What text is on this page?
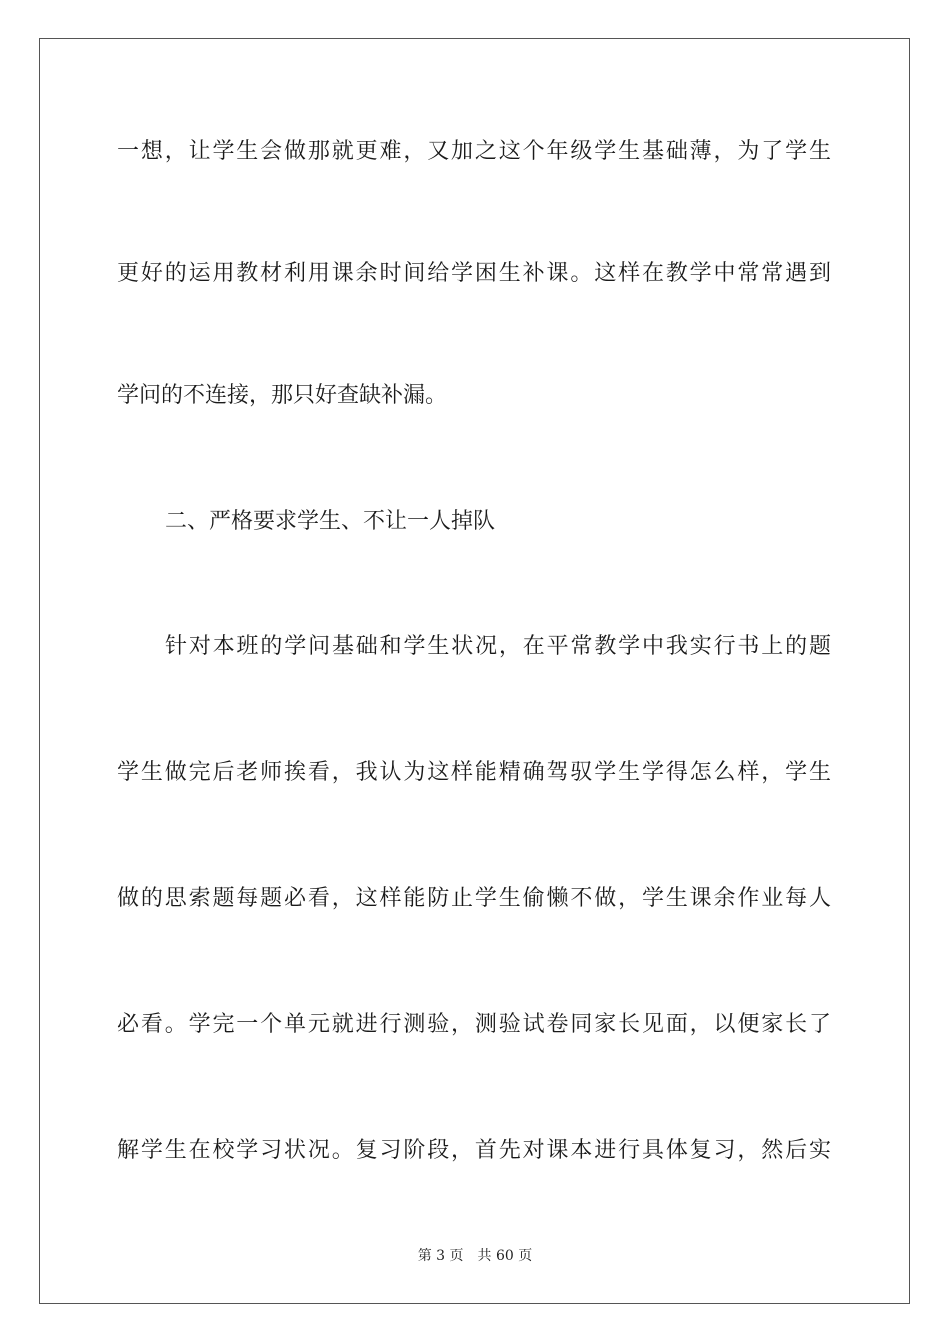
一想，让学生会做那就更难，又加之这个年级学生基础薄，为了学生
更好的运用教材利用课余时间给学困生补课。这样在教学中常常遇到
学问的不连接，那只好查缺补漏。
二、严格要求学生、不让一人掉队
针对本班的学问基础和学生状况，在平常教学中我实行书上的题
学生做完后老师挨看，我认为这样能精确驾驭学生学得怎么样，学生
做的思索题每题必看，这样能防止学生偷懒不做，学生课余作业每人
必看。学完一个单元就进行测验，测验试卷同家长见面，以便家长了
解学生在校学习状况。复习阶段，首先对课本进行具体复习，然后实
第 3 页 共 60 页
